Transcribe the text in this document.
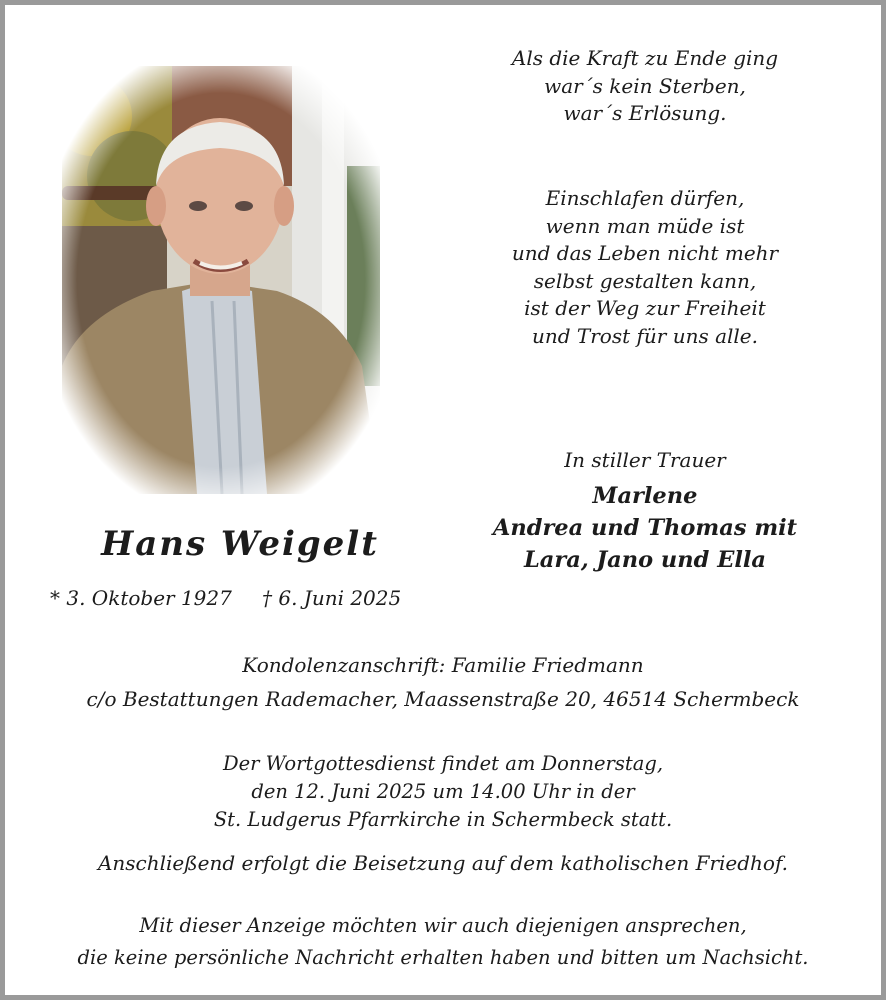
Als die Kraft zu Ende ging
war´s kein Sterben,
war´s Erlösung.
Einschlafen dürfen,
wenn man müde ist
und das Leben nicht mehr
selbst gestalten kann,
ist der Weg zur Freiheit
und Trost für uns alle.
In stiller Trauer
Marlene
Andrea und Thomas mit
Lara, Jano und Ella
Hans Weigelt
* 3. Oktober 1927 † 6. Juni 2025
Kondolenzanschrift: Familie Friedmann
c/o Bestattungen Rademacher, Maassenstraße 20, 46514 Schermbeck
Der Wortgottesdienst findet am Donnerstag,
den 12. Juni 2025 um 14.00 Uhr in der
St. Ludgerus Pfarrkirche in Schermbeck statt.
Anschließend erfolgt die Beisetzung auf dem katholischen Friedhof.
Mit dieser Anzeige möchten wir auch diejenigen ansprechen,
die keine persönliche Nachricht erhalten haben und bitten um Nachsicht.
